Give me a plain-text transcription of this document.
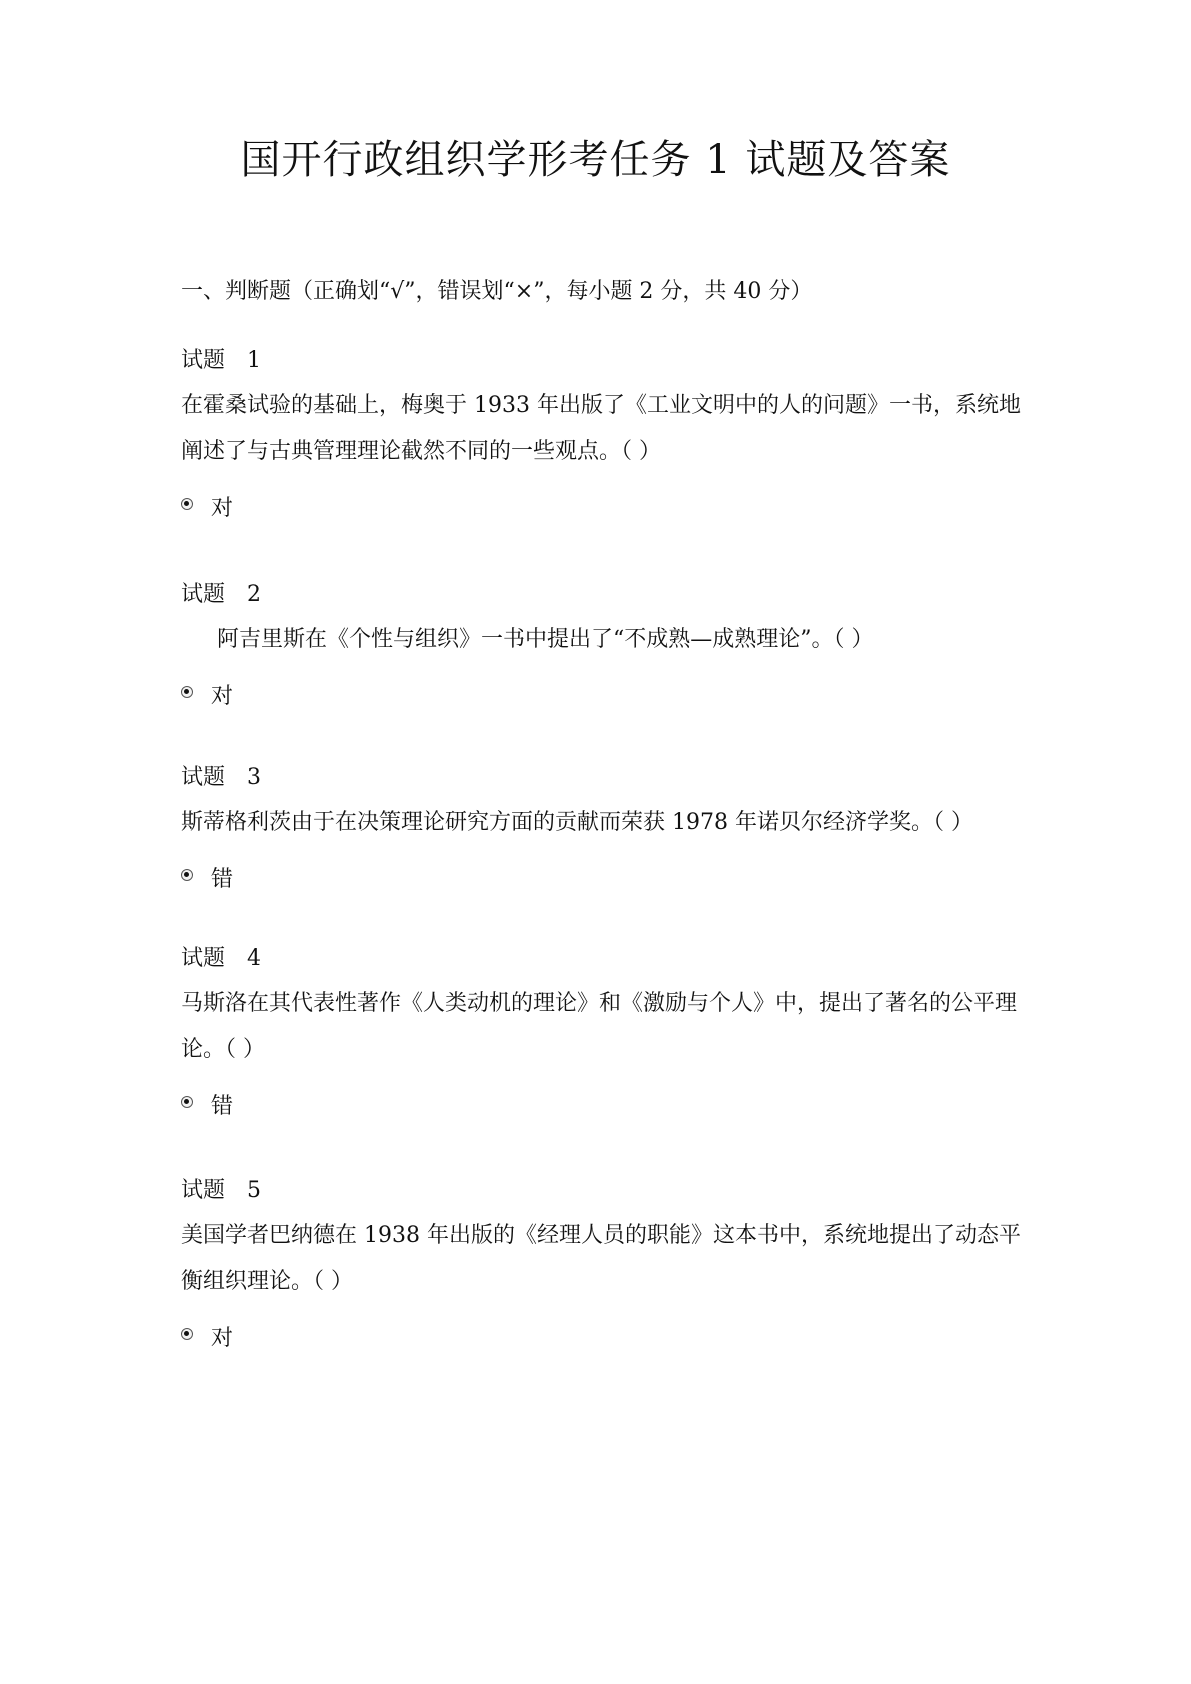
国开行政组织学形考任务 1 试题及答案
一、判断题（正确划“√”，错误划“×”，每小题 2 分，共 40 分）
试题　1
在霍桑试验的基础上，梅奥于 1933 年出版了《工业文明中的人的问题》一书，系统地阐述了与古典管理理论截然不同的一些观点。（ ）
对
试题　2
阿吉里斯在《个性与组织》一书中提出了“不成熟—成熟理论”。（ ）
对
试题　3
斯蒂格利茨由于在决策理论研究方面的贡献而荣获 1978 年诺贝尔经济学奖。（ ）
错
试题　4
马斯洛在其代表性著作《人类动机的理论》和《激励与个人》中，提出了著名的公平理论。（ ）
错
试题　5
美国学者巴纳德在 1938 年出版的《经理人员的职能》这本书中，系统地提出了动态平衡组织理论。（ ）
对
